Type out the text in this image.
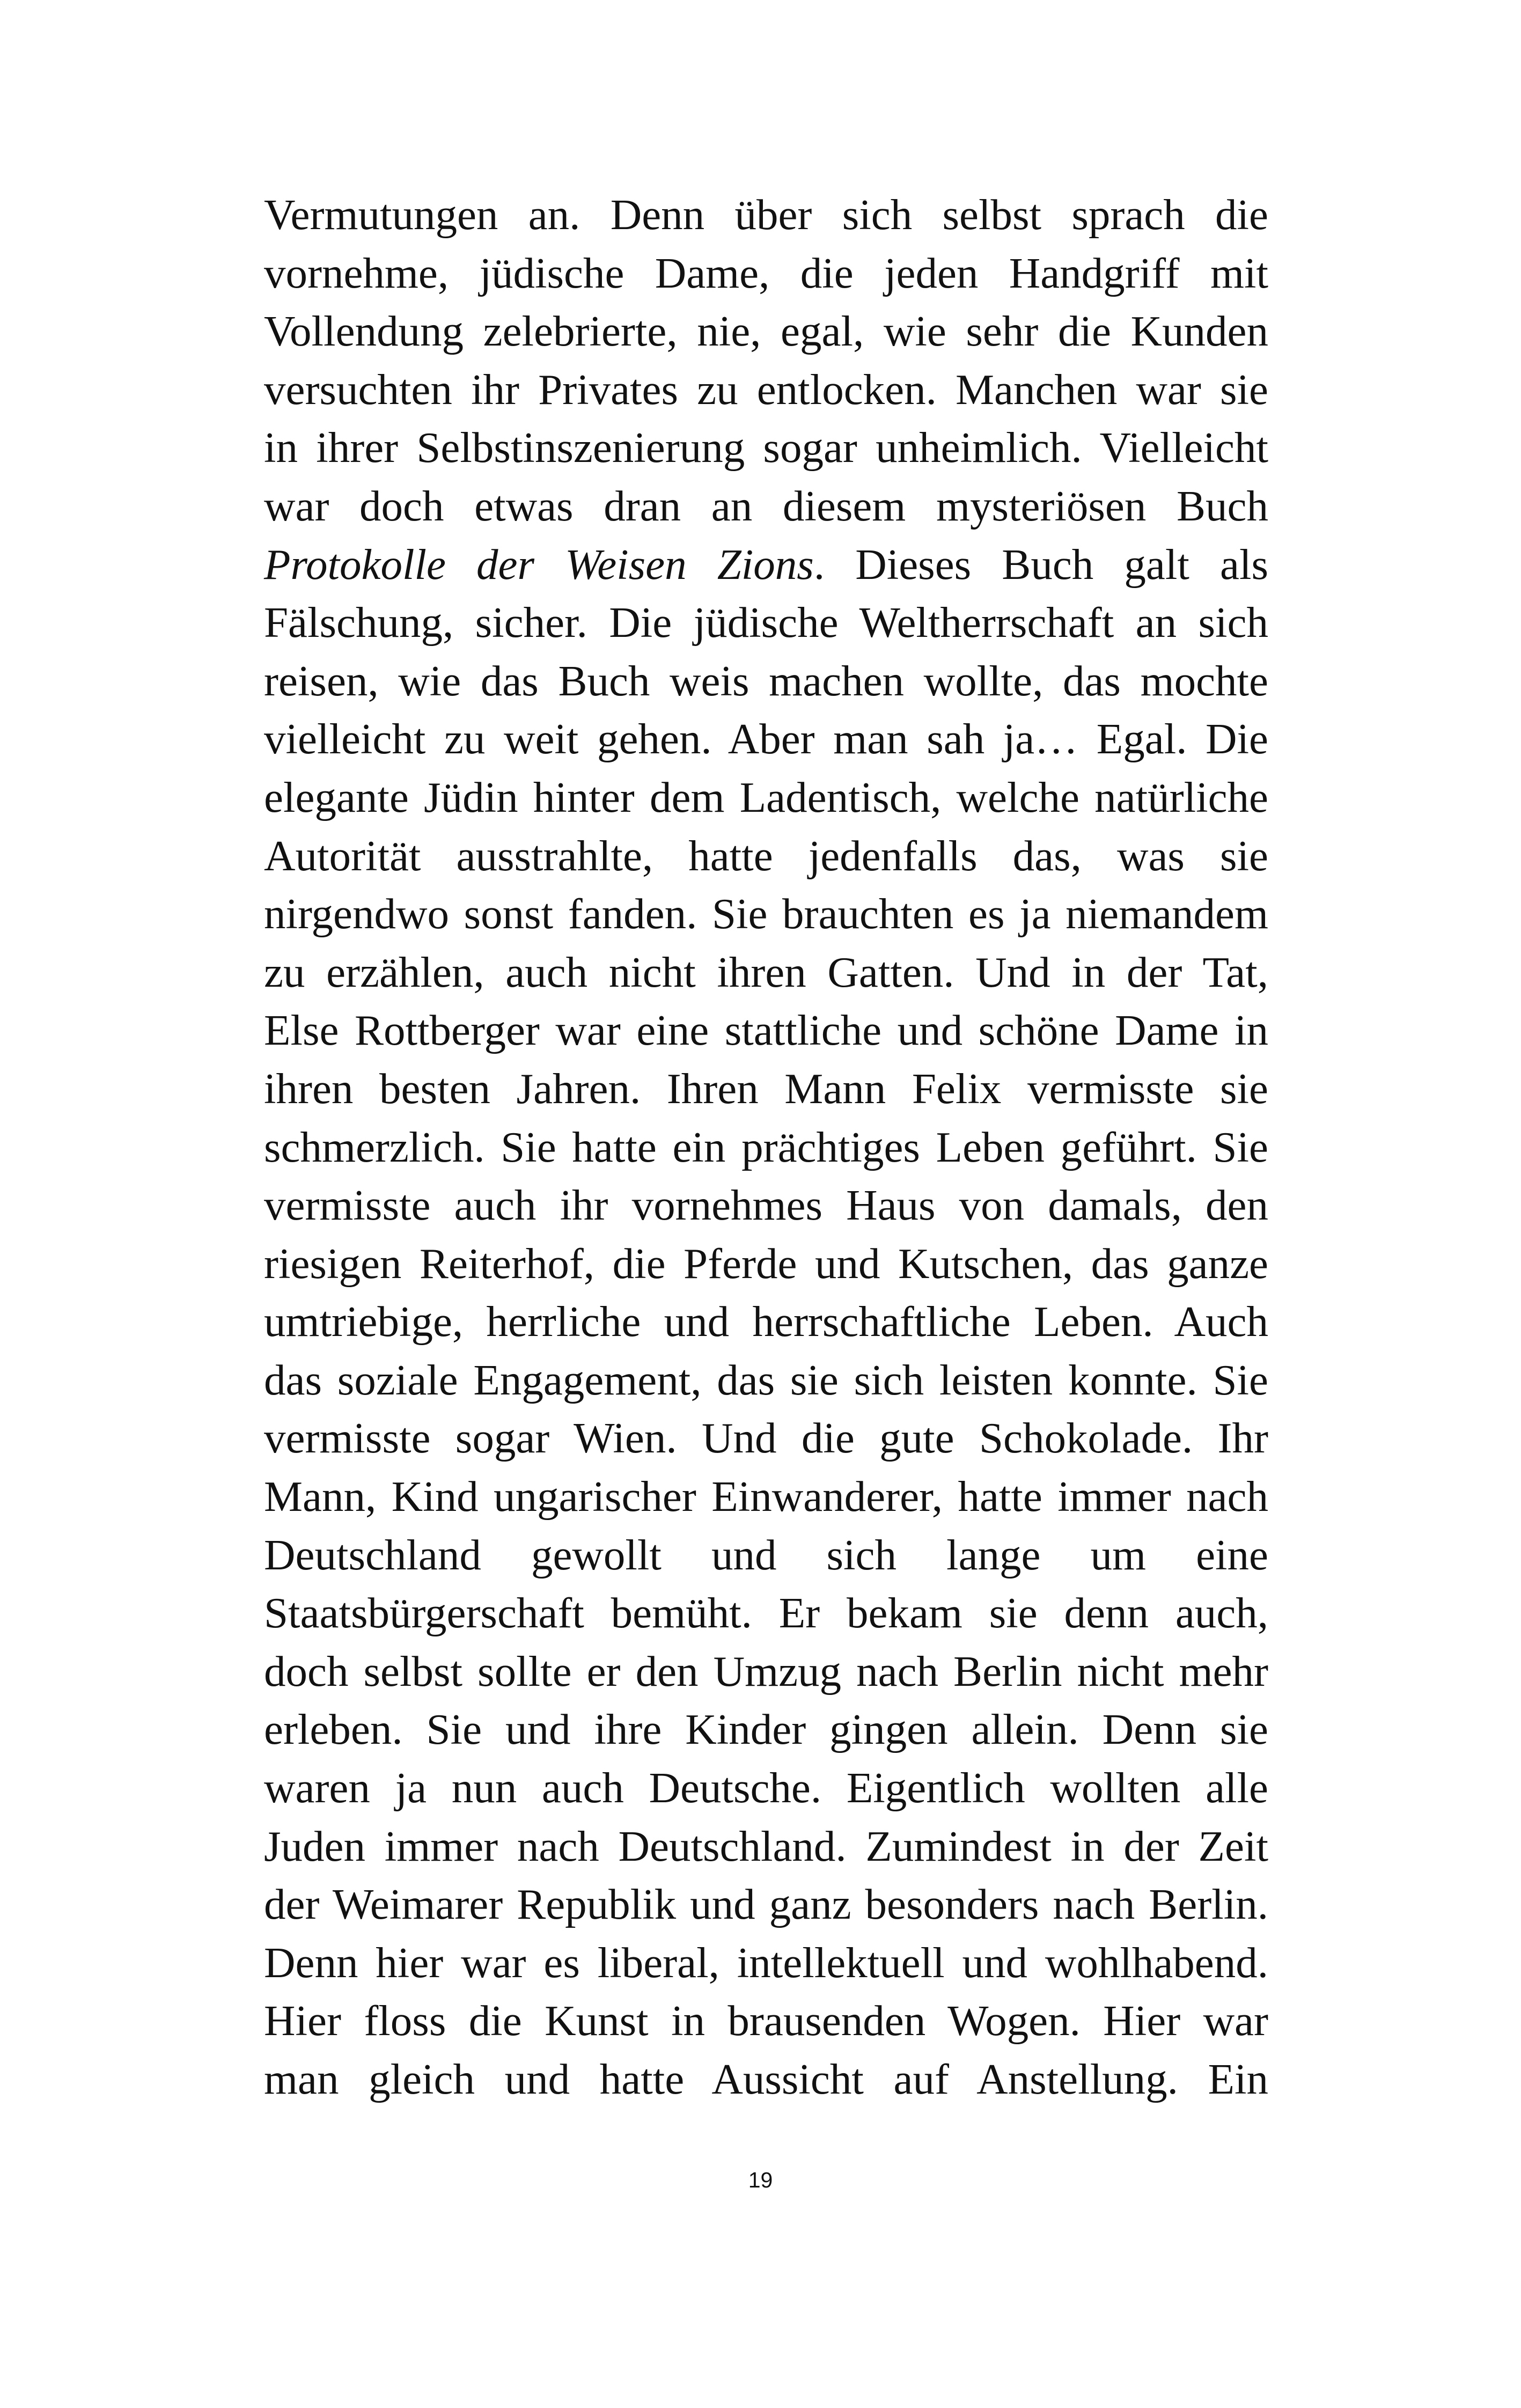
Vermutungen an. Denn über sich selbst sprach die
vornehme, jüdische Dame, die jeden Handgriff mit
Vollendung zelebrierte, nie, egal, wie sehr die Kunden
versuchten ihr Privates zu entlocken. Manchen war sie
in ihrer Selbstinszenierung sogar unheimlich. Vielleicht
war doch etwas dran an diesem mysteriösen Buch
Protokolle der Weisen Zions. Dieses Buch galt als
Fälschung, sicher. Die jüdische Weltherrschaft an sich
reisen, wie das Buch weis machen wollte, das mochte
vielleicht zu weit gehen. Aber man sah ja… Egal. Die
elegante Jüdin hinter dem Ladentisch, welche natürliche
Autorität ausstrahlte, hatte jedenfalls das, was sie
nirgendwo sonst fanden. Sie brauchten es ja niemandem
zu erzählen, auch nicht ihren Gatten. Und in der Tat,
Else Rottberger war eine stattliche und schöne Dame in
ihren besten Jahren. Ihren Mann Felix vermisste sie
schmerzlich. Sie hatte ein prächtiges Leben geführt. Sie
vermisste auch ihr vornehmes Haus von damals, den
riesigen Reiterhof, die Pferde und Kutschen, das ganze
umtriebige, herrliche und herrschaftliche Leben. Auch
das soziale Engagement, das sie sich leisten konnte. Sie
vermisste sogar Wien. Und die gute Schokolade. Ihr
Mann, Kind ungarischer Einwanderer, hatte immer nach
Deutschland gewollt und sich lange um eine
Staatsbürgerschaft bemüht. Er bekam sie denn auch,
doch selbst sollte er den Umzug nach Berlin nicht mehr
erleben. Sie und ihre Kinder gingen allein. Denn sie
waren ja nun auch Deutsche. Eigentlich wollten alle
Juden immer nach Deutschland. Zumindest in der Zeit
der Weimarer Republik und ganz besonders nach Berlin.
Denn hier war es liberal, intellektuell und wohlhabend.
Hier floss die Kunst in brausenden Wogen. Hier war
man gleich und hatte Aussicht auf Anstellung. Ein
19
